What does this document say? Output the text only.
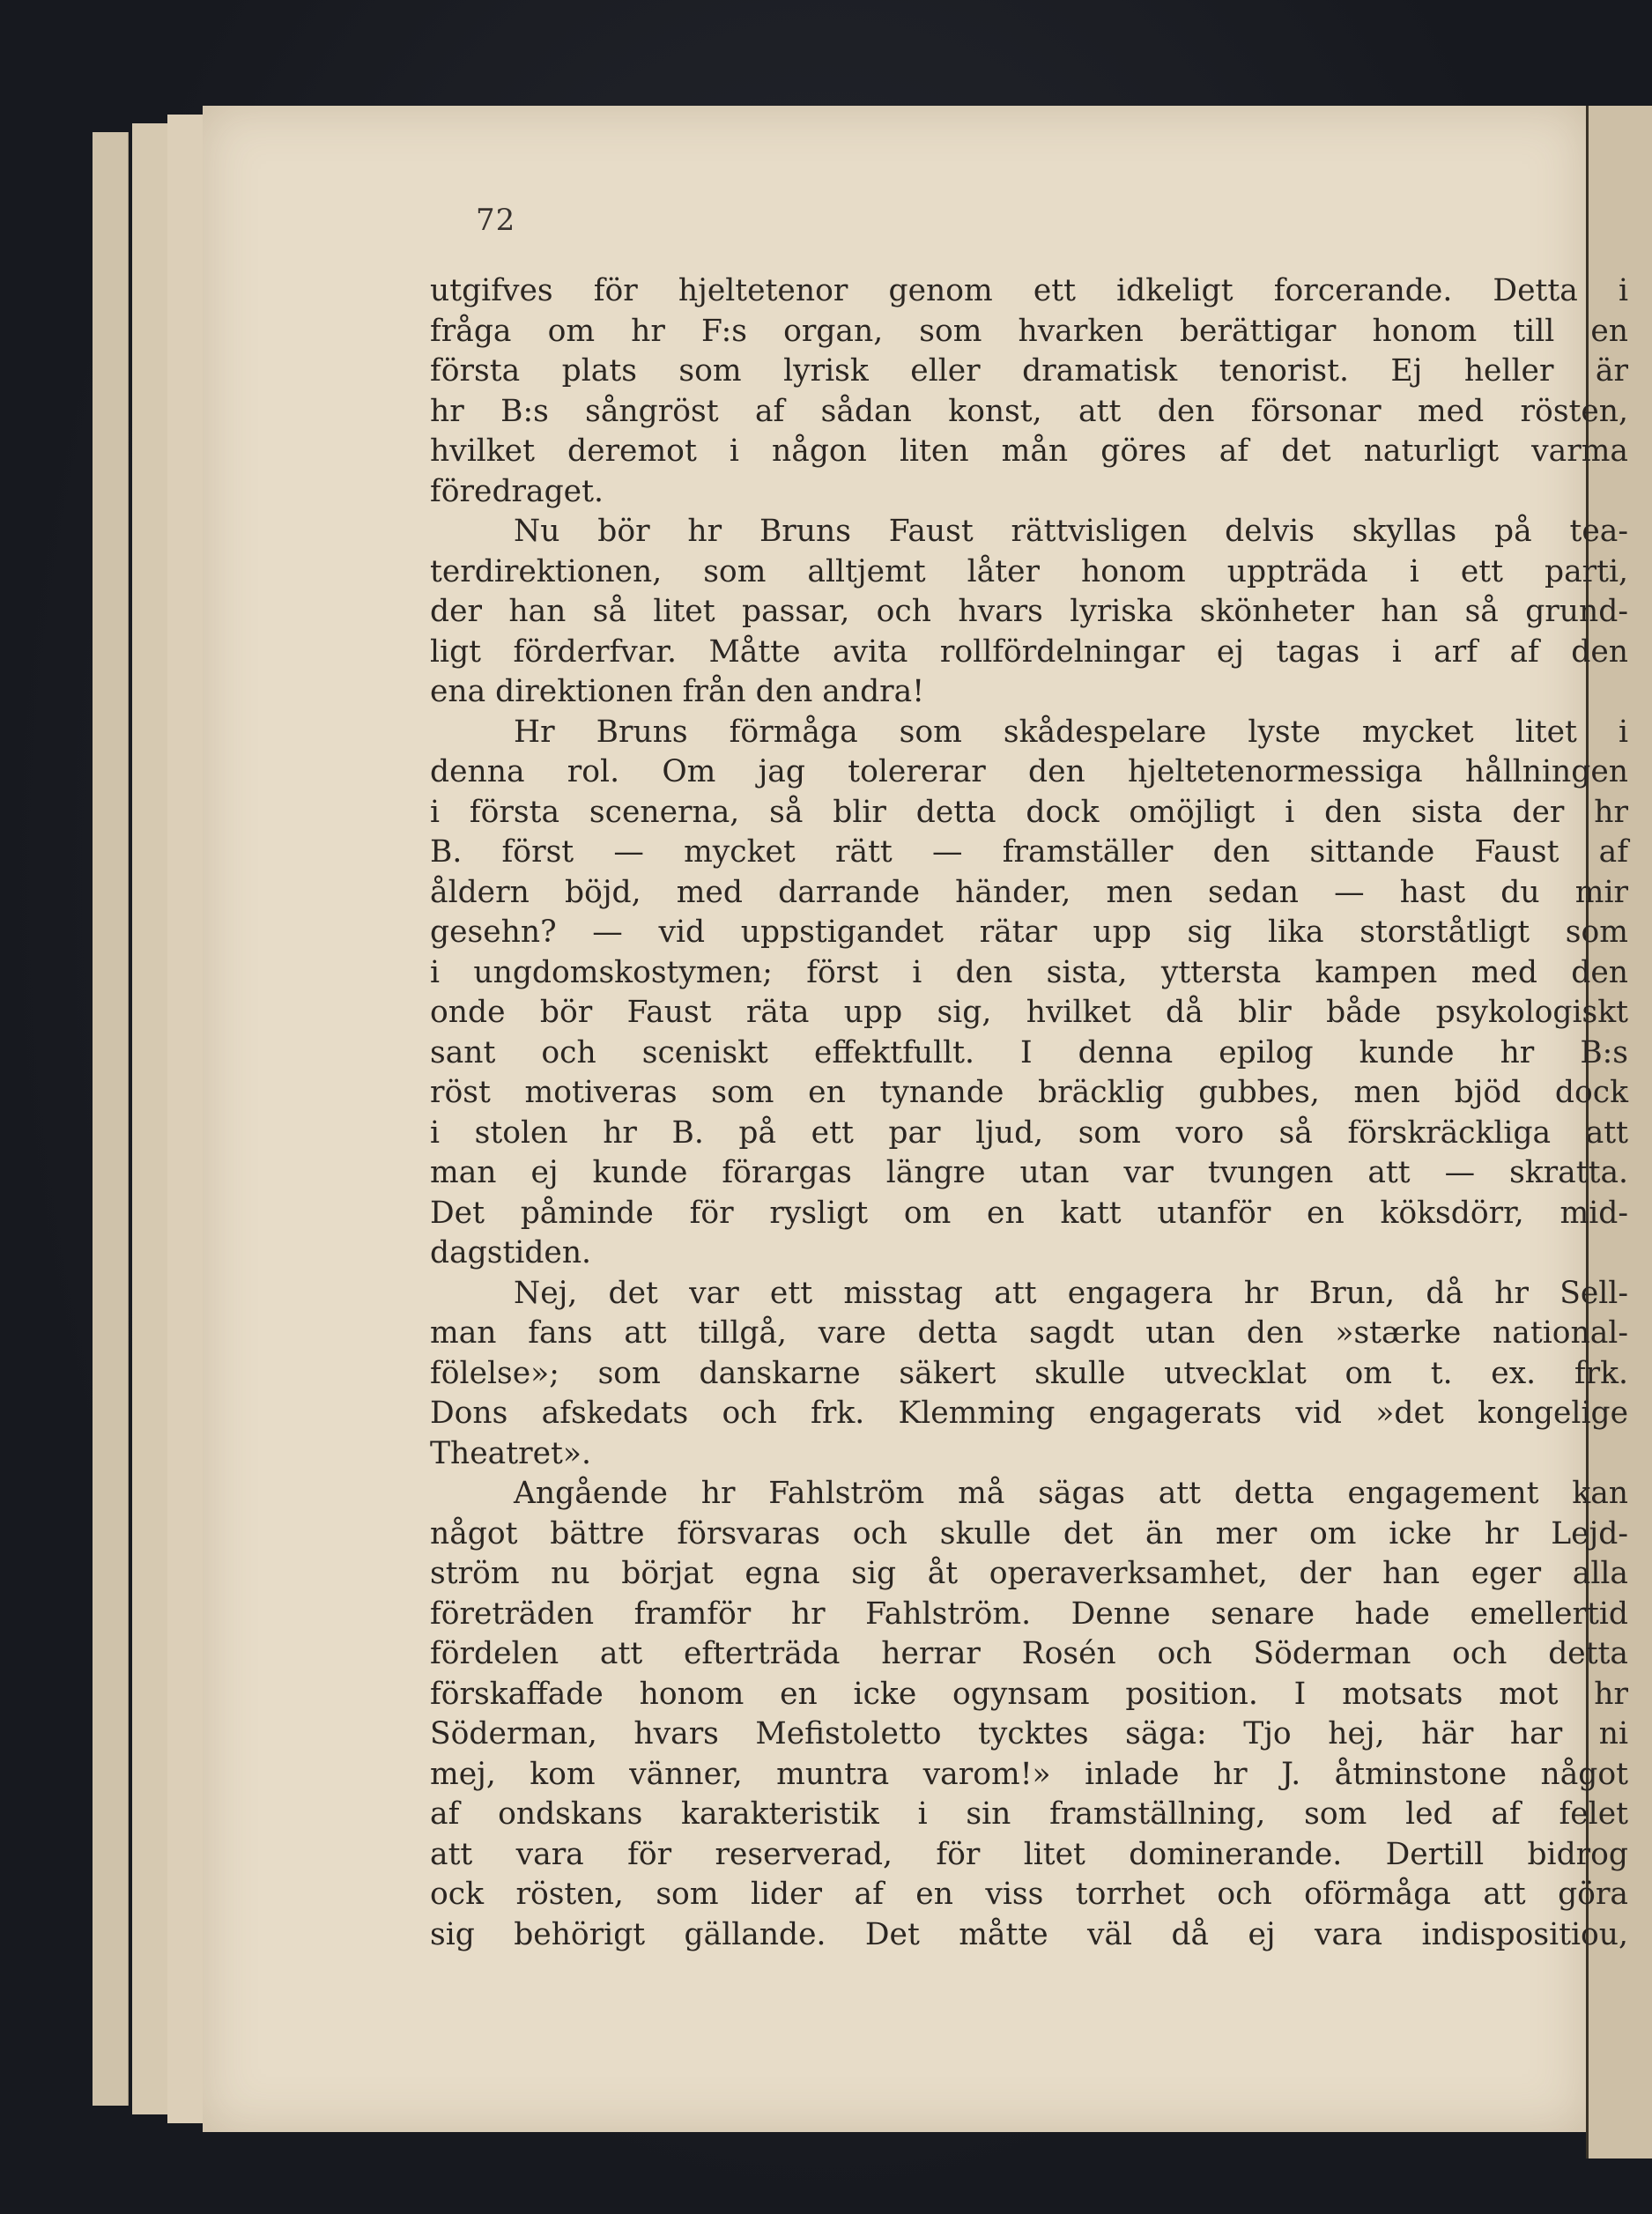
72
utgifves för hjeltetenor genom ett idkeligt forcerande. Detta i
fråga om hr F:s organ, som hvarken berättigar honom till en
första plats som lyrisk eller dramatisk tenorist. Ej heller är
hr B:s sångröst af sådan konst, att den försonar med rösten,
hvilket deremot i någon liten mån göres af det naturligt varma
föredraget.
Nu bör hr Bruns Faust rättvisligen delvis skyllas på tea-
terdirektionen, som alltjemt låter honom uppträda i ett parti,
der han så litet passar, och hvars lyriska skönheter han så grund-
ligt förderfvar. Måtte avita rollfördelningar ej tagas i arf af den
ena direktionen från den andra!
Hr Bruns förmåga som skådespelare lyste mycket litet i
denna rol. Om jag tolererar den hjeltetenormessiga hållningen
i första scenerna, så blir detta dock omöjligt i den sista der hr
B. först — mycket rätt — framställer den sittande Faust af
åldern böjd, med darrande händer, men sedan — hast du mir
gesehn? — vid uppstigandet rätar upp sig lika storståtligt som
i ungdomskostymen; först i den sista, yttersta kampen med den
onde bör Faust räta upp sig, hvilket då blir både psykologiskt
sant och sceniskt effektfullt. I denna epilog kunde hr B:s
röst motiveras som en tynande bräcklig gubbes, men bjöd dock
i stolen hr B. på ett par ljud, som voro så förskräckliga att
man ej kunde förargas längre utan var tvungen att — skratta.
Det påminde för rysligt om en katt utanför en köksdörr, mid-
dagstiden.
Nej, det var ett misstag att engagera hr Brun, då hr Sell-
man fans att tillgå, vare detta sagdt utan den »stærke national-
fölelse»; som danskarne säkert skulle utvecklat om t. ex. frk.
Dons afskedats och frk. Klemming engagerats vid »det kongelige
Theatret».
Angående hr Fahlström må sägas att detta engagement kan
något bättre försvaras och skulle det än mer om icke hr Lejd-
ström nu börjat egna sig åt operaverksamhet, der han eger alla
företräden framför hr Fahlström. Denne senare hade emellertid
fördelen att efterträda herrar Rosén och Söderman och detta
förskaffade honom en icke ogynsam position. I motsats mot hr
Söderman, hvars Mefistoletto tycktes säga: Tjo hej, här har ni
mej, kom vänner, muntra varom!» inlade hr J. åtminstone något
af ondskans karakteristik i sin framställning, som led af felet
att vara för reserverad, för litet dominerande. Dertill bidrog
ock rösten, som lider af en viss torrhet och oförmåga att göra
sig behörigt gällande. Det måtte väl då ej vara indispositiou,
